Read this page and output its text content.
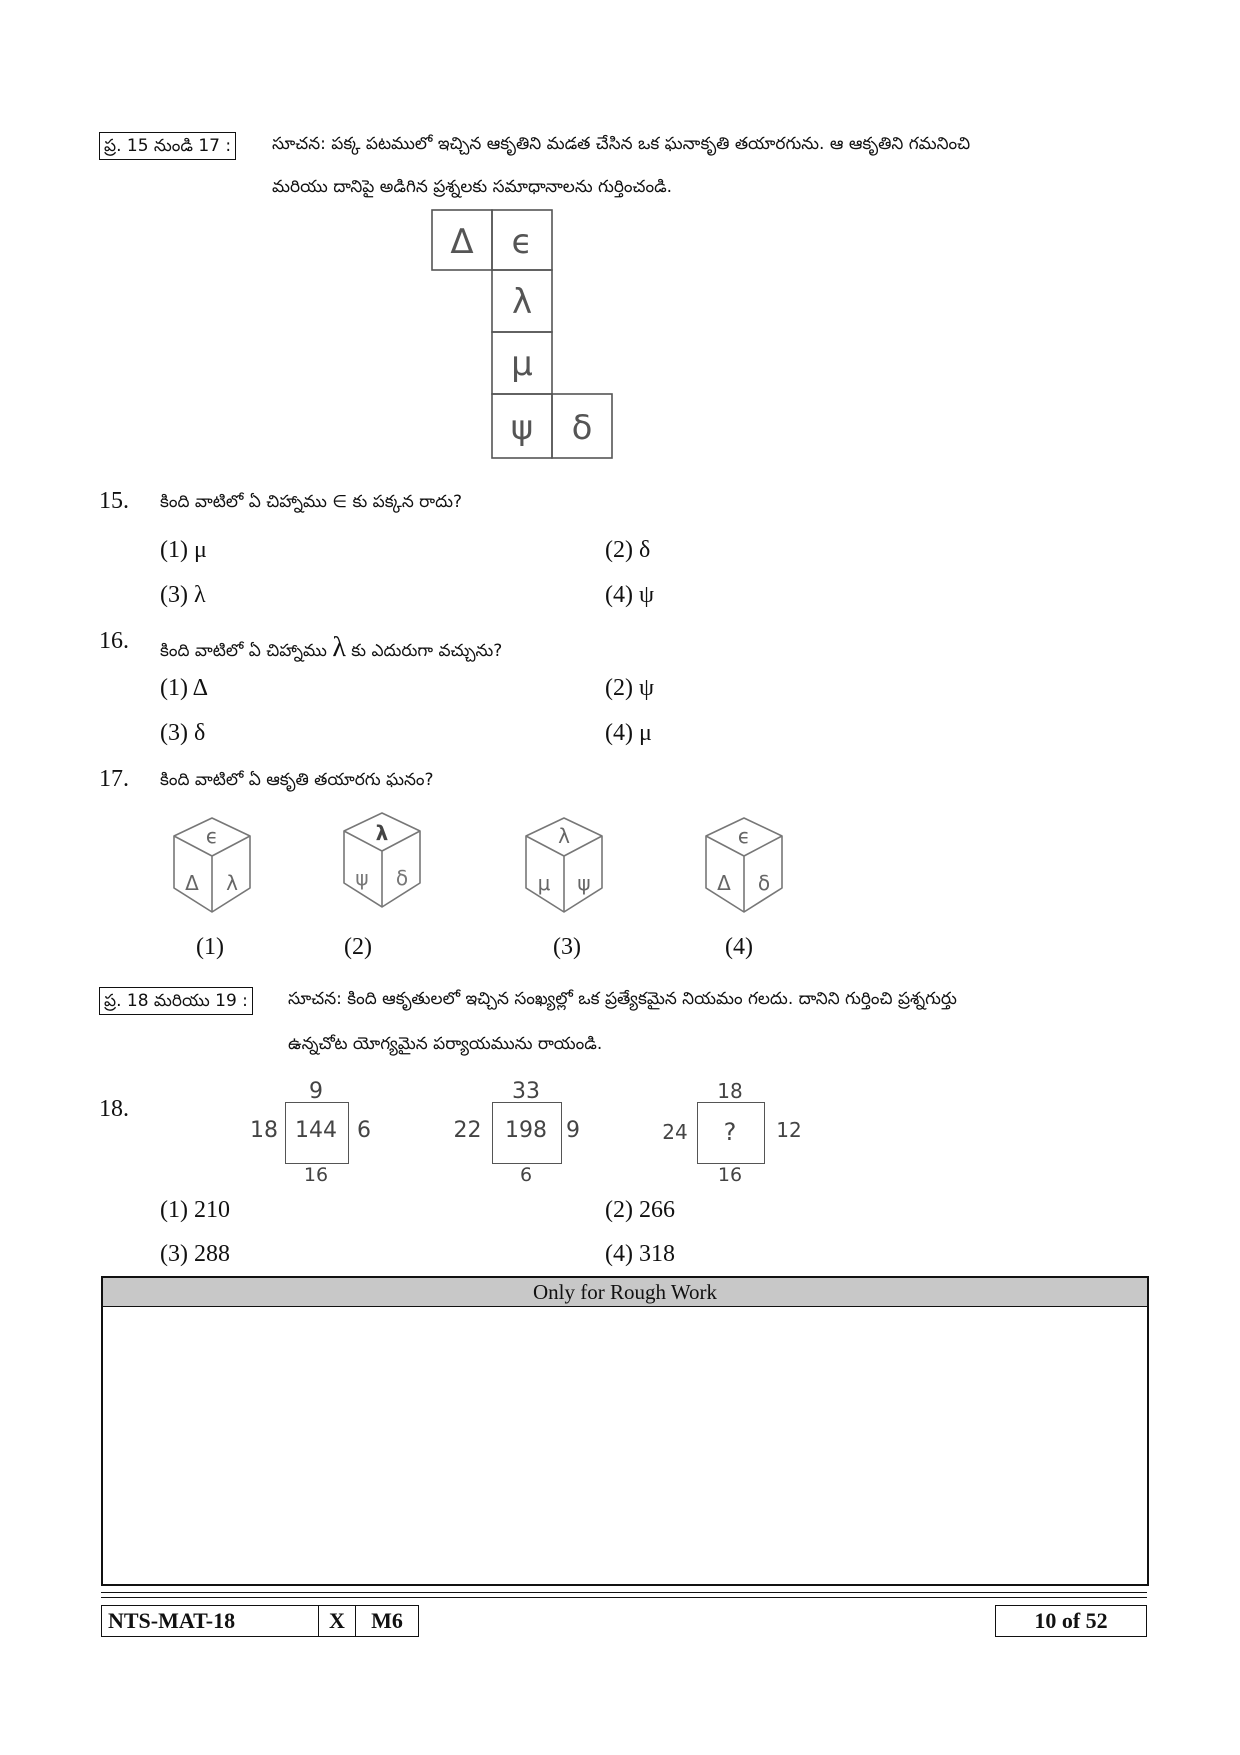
ప్ర. 15 నుండి 17 : సూచన: పక్క పటములో ఇచ్చిన ఆకృతిని మడత చేసిన ఒక ఘనాకృతి తయారగును. ఆ ఆకృతిని గమనించి
మరియు దానిపై అడిగిన ప్రశ్నలకు సమాధానాలను గుర్తించండి.
Δ ϵ
λ
μ
ψ δ
15. కింది వాటిలో ఏ చిహ్నాము ∈ కు పక్కన రాదు?
(1) μ	(2) δ
(3) λ	(4) ψ
16. కింది వాటిలో ఏ చిహ్నాము λ కు ఎదురుగా వచ్చును?
(1) Δ	(2) ψ
(3) δ	(4) μ
17. కింది వాటిలో ఏ ఆకృతి తయారగు ఘనం?
ϵ
Δ λ
λ
ψ δ
λ
μ ψ
ϵ
Δ δ
(1)	(2)	(3)	(4)
ప్ర. 18 మరియు 19 : సూచన: కింది ఆకృతులలో ఇచ్చిన సంఖ్యల్లో ఒక ప్రత్యేకమైన నియమం గలదు. దానిని గుర్తించి ప్రశ్నగుర్తు
ఉన్నచోట యోగ్యమైన పర్యాయమును రాయండి.
18.
9
18 144 6
16
33
22	198 9
6
18
24	?	12
16
(1) 210	(2) 266
(3) 288	(4) 318
Only for Rough Work
NTS-MAT-18	X	M6	10 of 52
